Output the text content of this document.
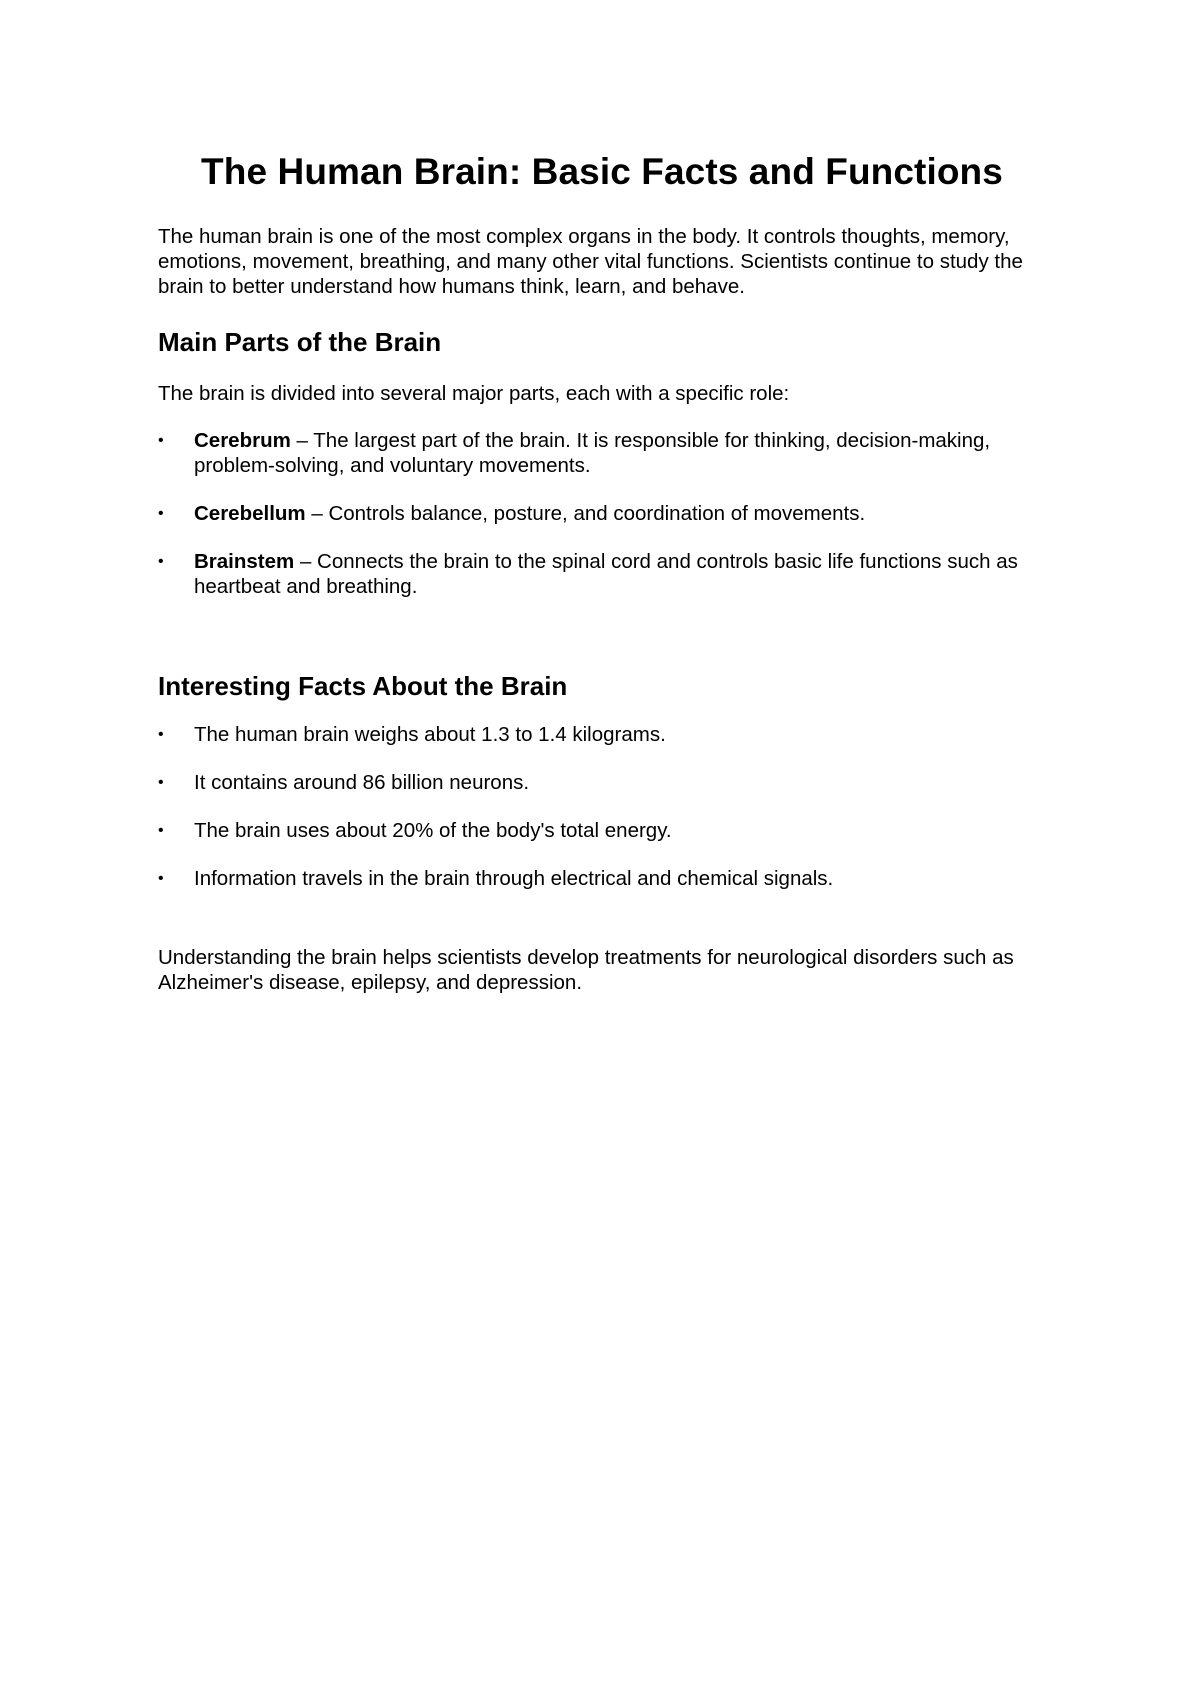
The Human Brain: Basic Facts and Functions

The human brain is one of the most complex organs in the body. It controls thoughts, memory, emotions, movement, breathing, and many other vital functions. Scientists continue to study the brain to better understand how humans think, learn, and behave.

Main Parts of the Brain

The brain is divided into several major parts, each with a specific role:

• Cerebrum – The largest part of the brain. It is responsible for thinking, decision-making, problem-solving, and voluntary movements.
• Cerebellum – Controls balance, posture, and coordination of movements.
• Brainstem – Connects the brain to the spinal cord and controls basic life functions such as heartbeat and breathing.
Interesting Facts About the Brain
• The human brain weighs about 1.3 to 1.4 kilograms.
• It contains around 86 billion neurons.
• The brain uses about 20% of the body's total energy.
• Information travels in the brain through electrical and chemical signals.

Understanding the brain helps scientists develop treatments for neurological disorders such as Alzheimer's disease, epilepsy, and depression.
